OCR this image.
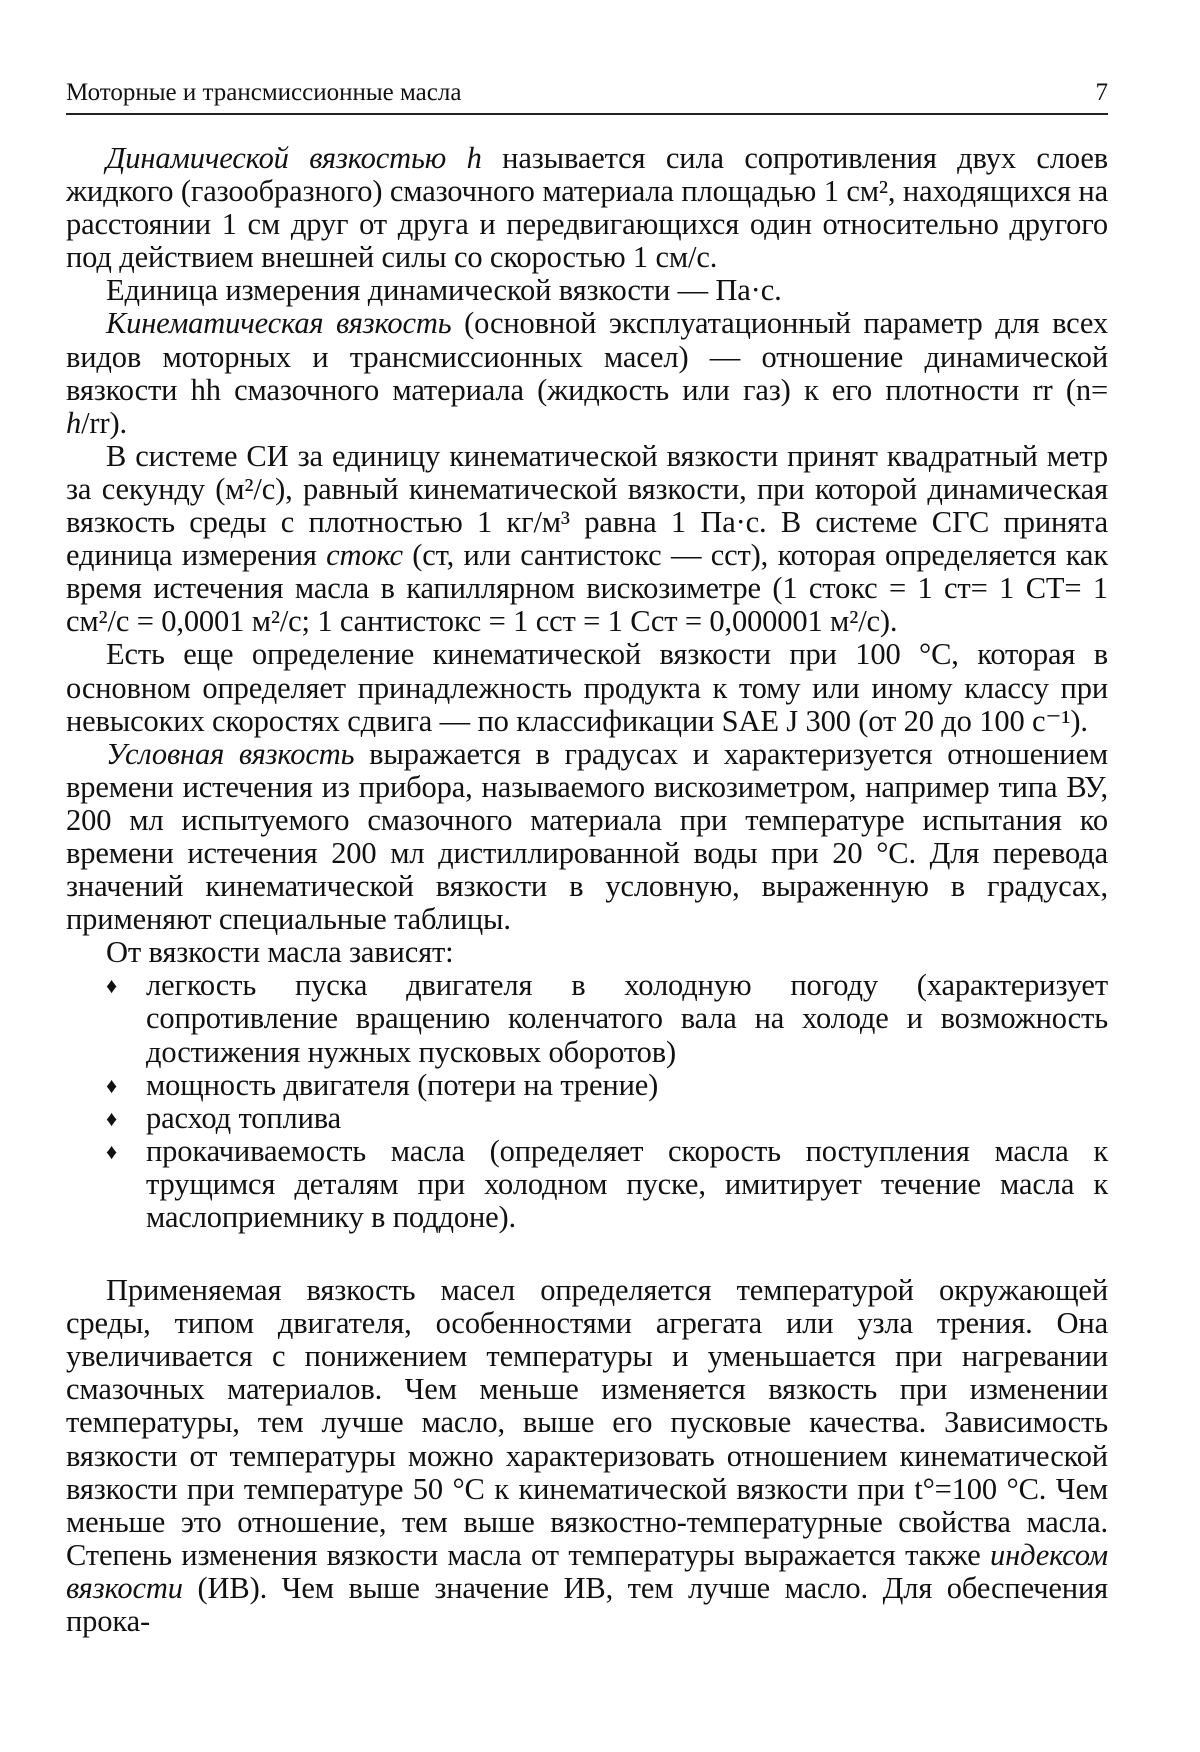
Моторные и трансмиссионные масла	7

Динамической вязкостью h называется сила сопротивления двух слоев жидкого (газообразного) смазочного материала площадью 1 см², находящихся на расстоянии 1 см друг от друга и передвигающихся один относительно другого под действием внешней силы со скоростью 1 см/с.

Единица измерения динамической вязкости — Па·с.

Кинематическая вязкость (основной эксплуатационный параметр для всех видов моторных и трансмиссионных масел) — отношение динамической вязкости hh смазочного материала (жидкость или газ) к его плотности rr (n= h/rr).

В системе СИ за единицу кинематической вязкости принят квадратный метр за секунду (м²/с), равный кинематической вязкости, при которой динамическая вязкость среды с плотностью 1 кг/м³ равна 1 Па·с. В системе СГС принята единица измерения стокс (ст, или сантистокс — сст), которая определяется как время истечения масла в капиллярном вискозиметре (1 стокс = 1 ст= 1 СТ= 1 см²/с = 0,0001 м²/с; 1 сантистокс = 1 сст = 1 Сст = 0,000001 м²/с).

Есть еще определение кинематической вязкости при 100 °С, которая в основном определяет принадлежность продукта к тому или иному классу при невысоких скоростях сдвига — по классификации SAE J 300 (от 20 до 100 с⁻¹).

Условная вязкость выражается в градусах и характеризуется отношением времени истечения из прибора, называемого вискозиметром, например типа ВУ, 200 мл испытуемого смазочного материала при температуре испытания ко времени истечения 200 мл дистиллированной воды при 20 °С. Для перевода значений кинематической вязкости в условную, выраженную в градусах, применяют специальные таблицы.

От вязкости масла зависят:

♦ легкость пуска двигателя в холодную погоду (характеризует сопротивление вращению коленчатого вала на холоде и возможность достижения нужных пусковых оборотов)
♦ мощность двигателя (потери на трение)
♦ расход топлива
♦ прокачиваемость масла (определяет скорость поступления масла к трущимся деталям при холодном пуске, имитирует течение масла к маслоприемнику в поддоне).

Применяемая вязкость масел определяется температурой окружающей среды, типом двигателя, особенностями агрегата или узла трения. Она увеличивается с понижением температуры и уменьшается при нагревании смазочных материалов. Чем меньше изменяется вязкость при изменении температуры, тем лучше масло, выше его пусковые качества. Зависимость вязкости от температуры можно характеризовать отношением кинематической вязкости при температуре 50 °С к кинематической вязкости при t°=100 °С. Чем меньше это отношение, тем выше вязкостно-температурные свойства масла. Степень изменения вязкости масла от температуры выражается также индексом вязкости (ИВ). Чем выше значение ИВ, тем лучше масло. Для обеспечения прока-
